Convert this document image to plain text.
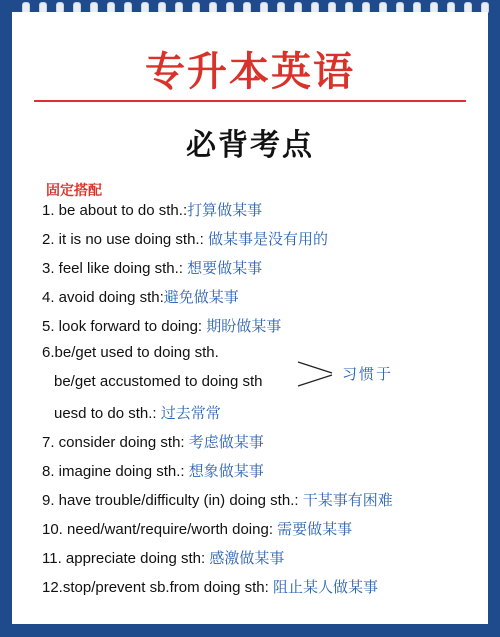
专升本英语
必背考点
固定搭配
1. be about to do sth.:打算做某事
2. it is no use doing sth.: 做某事是没有用的
3. feel like doing sth.: 想要做某事
4. avoid doing sth:避免做某事
5. look forward to doing: 期盼做某事
6.be/get used to doing sth.
be/get accustomed to doing sth
uesd to do sth.: 过去常常
7. consider doing sth: 考虑做某事
8. imagine doing sth.: 想象做某事
9. have trouble/difficulty (in) doing sth.: 干某事有困难
10. need/want/require/worth doing: 需要做某事
11. appreciate doing sth: 感激做某事
12.stop/prevent sb.from doing sth: 阻止某人做某事
习惯于
